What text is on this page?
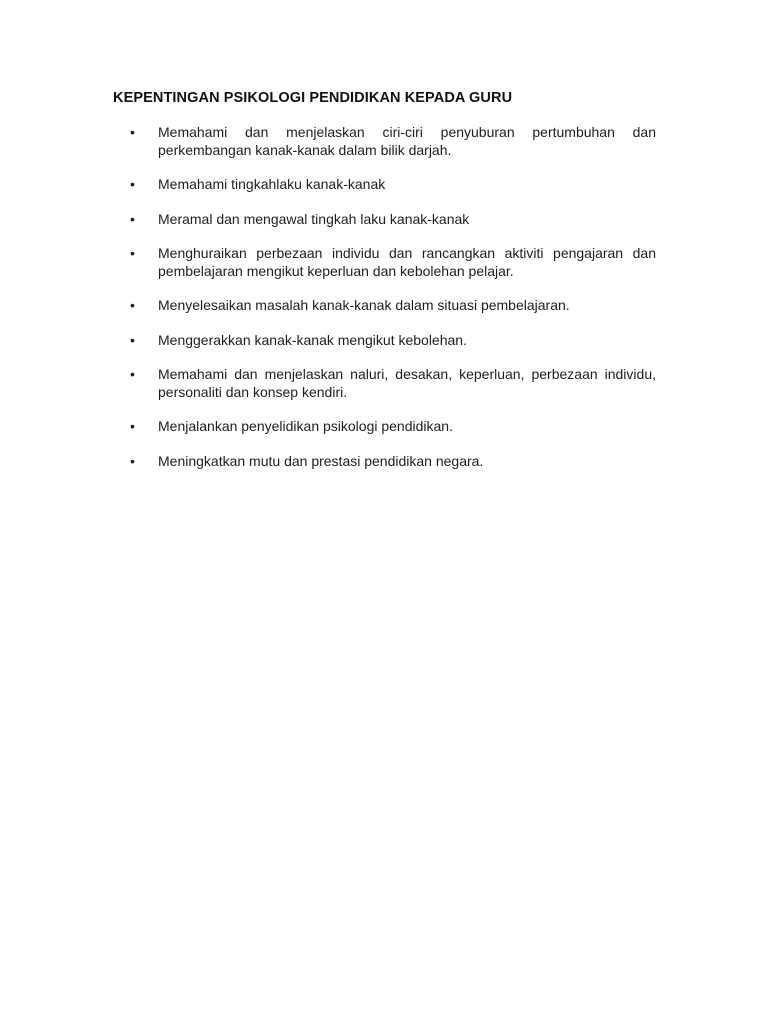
KEPENTINGAN PSIKOLOGI PENDIDIKAN KEPADA GURU
•	Memahami dan menjelaskan ciri-ciri penyuburan pertumbuhan dan perkembangan kanak-kanak dalam bilik darjah.
•	Memahami tingkahlaku kanak-kanak
•	Meramal dan mengawal tingkah laku kanak-kanak
•	Menghuraikan perbezaan individu dan rancangkan aktiviti pengajaran dan pembelajaran mengikut keperluan dan kebolehan pelajar.
•	Menyelesaikan masalah kanak-kanak dalam situasi pembelajaran.
•	Menggerakkan kanak-kanak mengikut kebolehan.
•	Memahami dan menjelaskan naluri, desakan, keperluan, perbezaan individu, personaliti dan konsep kendiri.
•	Menjalankan penyelidikan psikologi pendidikan.
•	Meningkatkan mutu dan prestasi pendidikan negara.
